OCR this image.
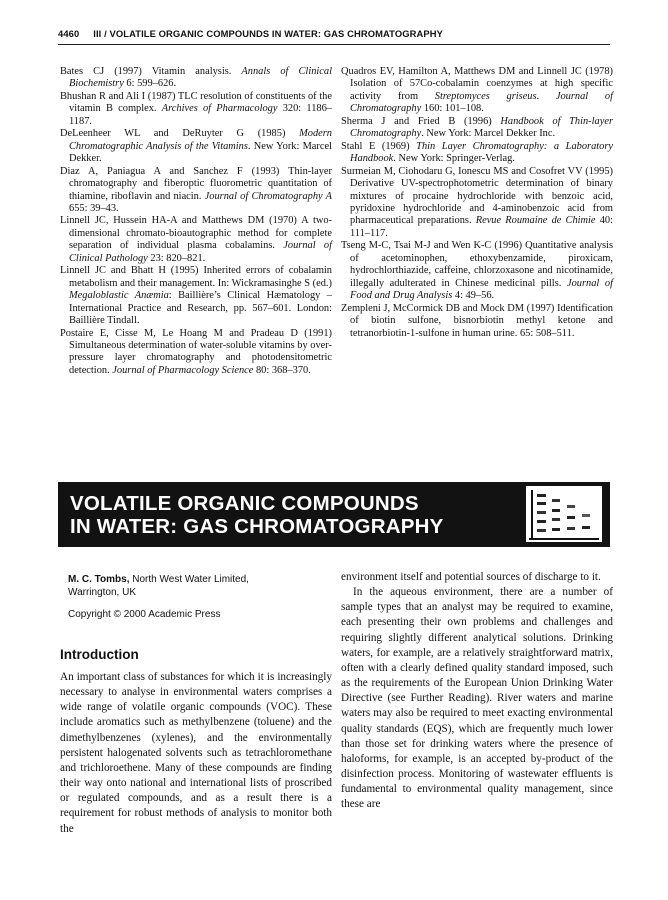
4460 III / VOLATILE ORGANIC COMPOUNDS IN WATER: GAS CHROMATOGRAPHY

Bates CJ (1997) Vitamin analysis. Annals of Clinical Biochemistry 6: 599–626.

Bhushan R and Ali I (1987) TLC resolution of constituents of the vitamin B complex. Archives of Pharmacology 320: 1186–1187.

DeLeenheer WL and DeRuyter G (1985) Modern Chromatographic Analysis of the Vitamins. New York: Marcel Dekker.

Diaz A, Paniagua A and Sanchez F (1993) Thin-layer chromatography and fiberoptic fluorometric quantitation of thiamine, riboflavin and niacin. Journal of Chromatography A 655: 39–43.

Linnell JC, Hussein HA-A and Matthews DM (1970) A two-dimensional chromato-bioautographic method for complete separation of individual plasma cobalamins. Journal of Clinical Pathology 23: 820–821.

Linnell JC and Bhatt H (1995) Inherited errors of cobalamin metabolism and their management. In: Wickramasinghe S (ed.) Megaloblastic Anæmia: Baillière’s Clinical Hæmatology – International Practice and Research, pp. 567–601. London: Baillière Tindall.

Postaire E, Cisse M, Le Hoang M and Pradeau D (1991) Simultaneous determination of water-soluble vitamins by over-pressure layer chromatography and photodensitometric detection. Journal of Pharmacology Science 80: 368–370.

Quadros EV, Hamilton A, Matthews DM and Linnell JC (1978) Isolation of 57Co-cobalamin coenzymes at high specific activity from Streptomyces griseus. Journal of Chromatography 160: 101–108.

Sherma J and Fried B (1996) Handbook of Thin-layer Chromatography. New York: Marcel Dekker Inc.

Stahl E (1969) Thin Layer Chromatography: a Laboratory Handbook. New York: Springer-Verlag.

Surmeian M, Ciohodaru G, Ionescu MS and Cosofret VV (1995) Derivative UV-spectrophotometric determination of binary mixtures of procaine hydrochloride with benzoic acid, pyridoxine hydrochloride and 4-aminobenzoic acid from pharmaceutical preparations. Revue Roumaine de Chimie 40: 111–117.

Tseng M-C, Tsai M-J and Wen K-C (1996) Quantitative analysis of acetominophen, ethoxybenzamide, piroxicam, hydrochlorthiazide, caffeine, chlorzoxasone and nicotinamide, illegally adulterated in Chinese medicinal pills. Journal of Food and Drug Analysis 4: 49–56.

Zempleni J, McCormick DB and Mock DM (1997) Identification of biotin sulfone, bisnorbiotin methyl ketone and tetranorbiotin-1-sulfone in human urine. 65: 508–511.

VOLATILE ORGANIC COMPOUNDS
IN WATER: GAS CHROMATOGRAPHY
M. C. Tombs, North West Water Limited,
Warrington, UK
Copyright © 2000 Academic Press
Introduction

An important class of substances for which it is increasingly necessary to analyse in environmental waters comprises a wide range of volatile organic compounds (VOC). These include aromatics such as methylbenzene (toluene) and the dimethylbenzenes (xylenes), and the environmentally persistent halogenated solvents such as tetrachloromethane and trichloroethene. Many of these compounds are finding their way onto national and international lists of proscribed or regulated compounds, and as a result there is a requirement for robust methods of analysis to monitor both the

environment itself and potential sources of discharge to it.

In the aqueous environment, there are a number of sample types that an analyst may be required to examine, each presenting their own problems and challenges and requiring slightly different analytical solutions. Drinking waters, for example, are a relatively straightforward matrix, often with a clearly defined quality standard imposed, such as the requirements of the European Union Drinking Water Directive (see Further Reading). River waters and marine waters may also be required to meet exacting environmental quality standards (EQS), which are frequently much lower than those set for drinking waters where the presence of haloforms, for example, is an accepted by-product of the disinfection process. Monitoring of wastewater effluents is fundamental to environmental quality management, since these are
